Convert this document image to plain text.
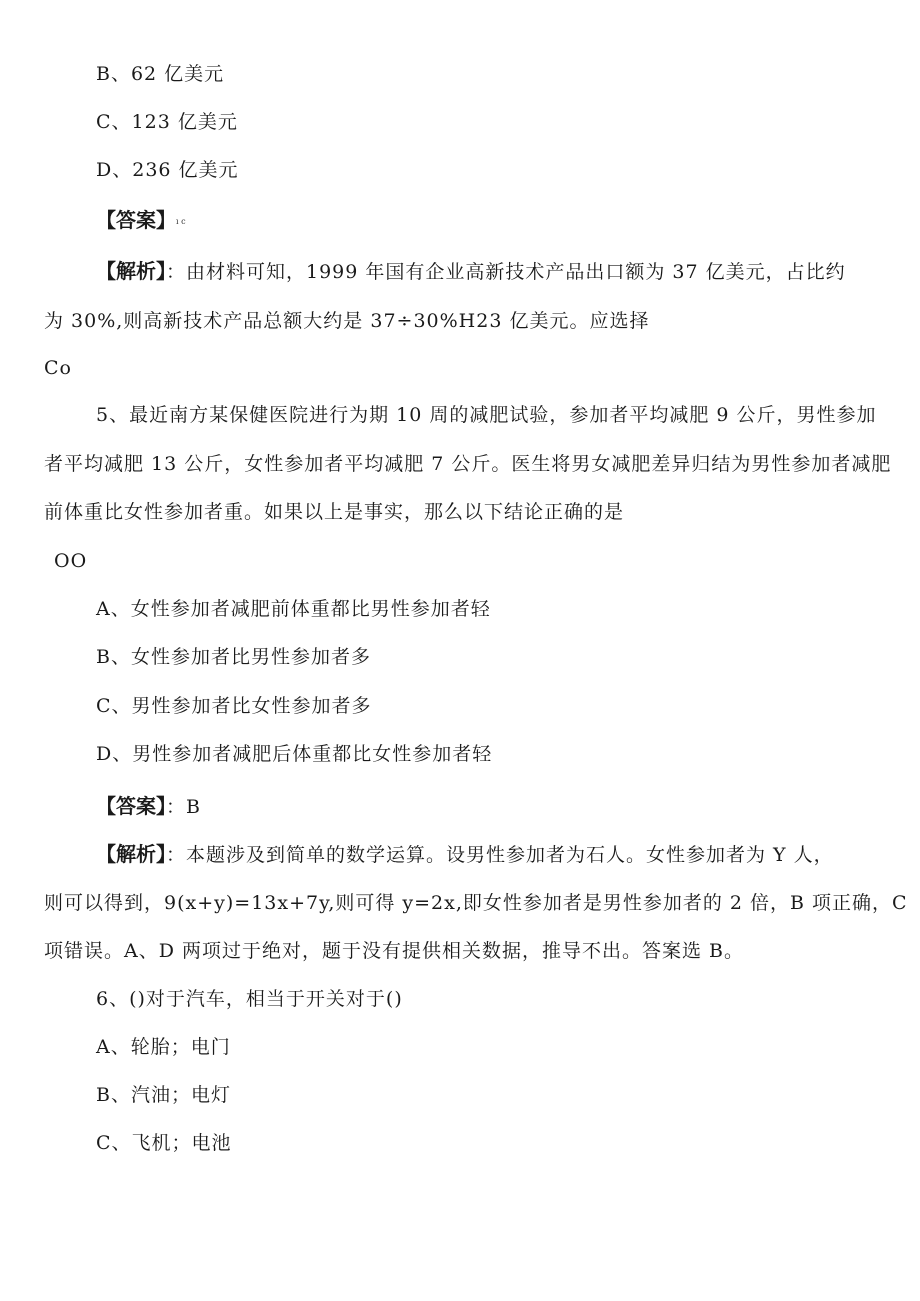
B、62 亿美元
C、123 亿美元
D、236 亿美元
【答案】ı c
【解析】：由材料可知，1999 年国有企业高新技术产品出口额为 37 亿美元，占比约
为 30%,则高新技术产品总额大约是 37÷30%H23 亿美元。应选择
Co
5、最近南方某保健医院进行为期 10 周的减肥试验，参加者平均减肥 9 公斤，男性参加
者平均减肥 13 公斤，女性参加者平均减肥 7 公斤。医生将男女减肥差异归结为男性参加者减肥
前体重比女性参加者重。如果以上是事实，那么以下结论正确的是
OO
A、女性参加者减肥前体重都比男性参加者轻
B、女性参加者比男性参加者多
C、男性参加者比女性参加者多
D、男性参加者减肥后体重都比女性参加者轻
【答案】：B
【解析】：本题涉及到简单的数学运算。设男性参加者为石人。女性参加者为 Y 人，
则可以得到，9(x+y)=13x+7y,则可得 y=2x,即女性参加者是男性参加者的 2 倍，B 项正确，C
项错误。A、D 两项过于绝对，题于没有提供相关数据，推导不出。答案选 B。
6、()对于汽车，相当于开关对于()
A、轮胎；电门
B、汽油；电灯
C、飞机；电池
